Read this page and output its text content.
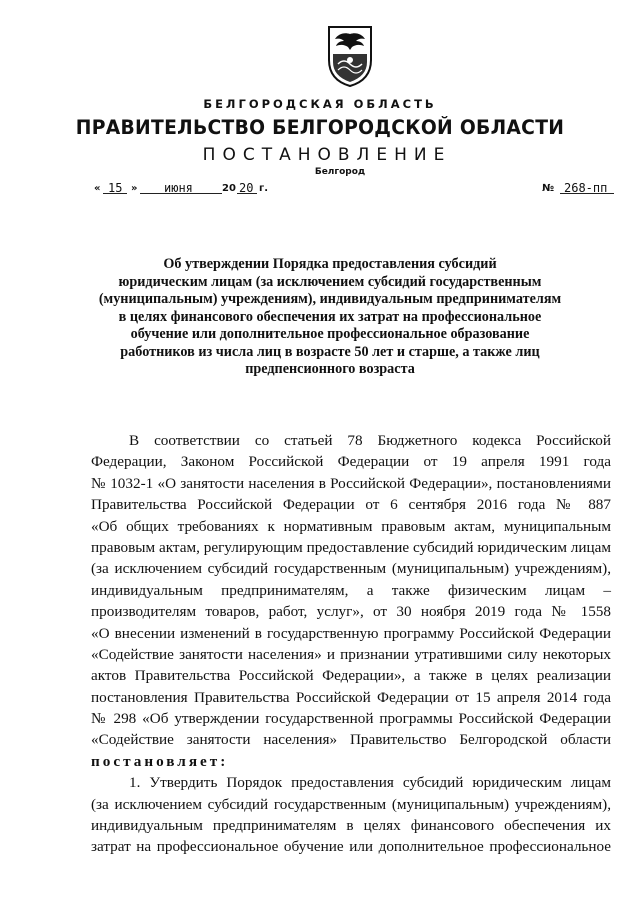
БЕЛГОРОДСКАЯ ОБЛАСТЬ
ПРАВИТЕЛЬСТВО БЕЛГОРОДСКОЙ ОБЛАСТИ
ПОСТАНОВЛЕНИЕ
Белгород
« 15 » июня	20 20 г.	№ 268-пп
Об утверждении Порядка предоставления субсидий
юридическим лицам (за исключением субсидий государственным
(муниципальным) учреждениям), индивидуальным предпринимателям
в целях финансового обеспечения их затрат на профессиональное
обучение или дополнительное профессиональное образование
работников из числа лиц в возрасте 50 лет и старше, а также лиц
предпенсионного возраста
В соответствии со статьей 78 Бюджетного кодекса Российской
Федерации, Законом Российской Федерации от 19 апреля 1991 года
№ 1032-1 «О занятости населения в Российской Федерации», постановлениями
Правительства Российской Федерации от 6 сентября 2016 года № 887
«Об общих требованиях к нормативным правовым актам, муниципальным
правовым актам, регулирующим предоставление субсидий юридическим лицам
(за исключением субсидий государственным (муниципальным) учреждениям),
индивидуальным предпринимателям, а также физическим лицам –
производителям товаров, работ, услуг», от 30 ноября 2019 года № 1558
«О внесении изменений в государственную программу Российской Федерации
«Содействие занятости населения» и признании утратившими силу некоторых
актов Правительства Российской Федерации», а также в целях реализации
постановления Правительства Российской Федерации от 15 апреля 2014 года
№ 298 «Об утверждении государственной программы Российской Федерации
«Содействие занятости населения» Правительство Белгородской области
постановляет:
1. Утвердить Порядок предоставления субсидий юридическим лицам
(за исключением субсидий государственным (муниципальным) учреждениям),
индивидуальным предпринимателям в целях финансового обеспечения их
затрат на профессиональное обучение или дополнительное профессиональное
